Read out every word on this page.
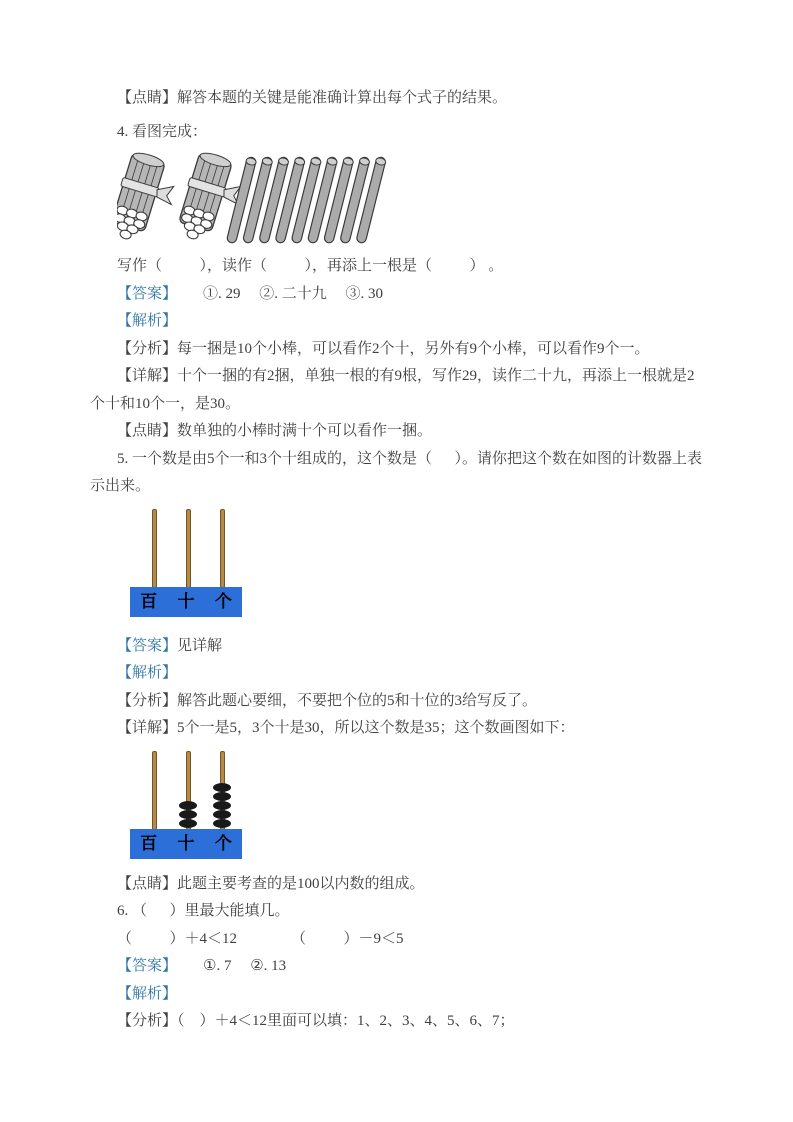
【点睛】解答本题的关键是能准确计算出每个式子的结果。

4. 看图完成：

写作（          ），读作（          ），再添上一根是（          ） 。

【答案】 ①. 29     ②. 二十九     ③. 30

【解析】

【分析】每一捆是10个小棒，可以看作2个十，另外有9个小棒，可以看作9个一。

【详解】十个一捆的有2捆，单独一根的有9根，写作29，读作二十九，再添上一根就是2个十和10个一，是30。

【点睛】数单独的小棒时满十个可以看作一捆。

5. 一个数是由5个一和3个十组成的，这个数是（      ）。请你把这个数在如图的计数器上表示出来。

百 十 个

【答案】见详解

【解析】

【分析】解答此题心要细，不要把个位的5和十位的3给写反了。

【详解】5个一是5，3个十是30，所以这个数是35；这个数画图如下：

百 十 个

【点睛】此题主要考查的是100以内数的组成。

6. （      ）里最大能填几。

（          ）＋4＜12	（          ）－9＜5

【答案】 ①. 7     ②. 13

【解析】

【分析】（    ）＋4＜12里面可以填：1、2、3、4、5、6、7；
